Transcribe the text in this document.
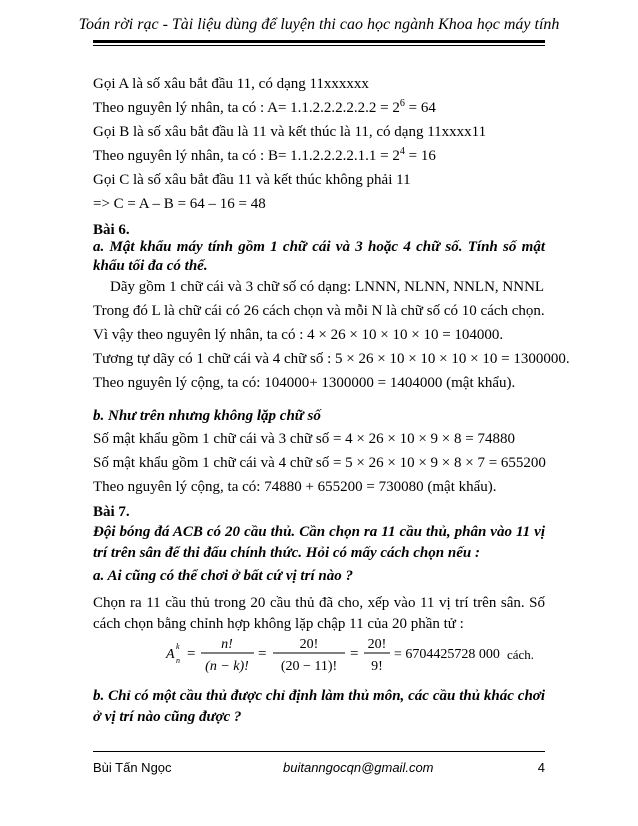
Toán rời rạc - Tài liệu dùng để luyện thi cao học ngành Khoa học máy tính
Gọi A là số xâu bắt đầu 11, có dạng 11xxxxxx
Theo nguyên lý nhân, ta có : $A= 1.1.2.2.2.2.2.2 = 2^6 = 64$
Gọi B là số xâu bắt đầu là 11 và kết thúc là 11, có dạng 11xxxx11
Theo nguyên lý nhân, ta có : $B= 1.1.2.2.2.2.1.1 = 2^4 = 16$
Gọi C là số xâu bắt đầu 11 và kết thúc không phải 11
=> C = A – B = 64 – 16 = 48
Bài 6.
a. Mật khẩu máy tính gồm 1 chữ cái và 3 hoặc 4 chữ số. Tính số mật khẩu tối đa có thể.
Dãy gồm 1 chữ cái và 3 chữ số có dạng: LNNN, NLNN, NNLN, NNNL
Trong đó L là chữ cái có 26 cách chọn và mỗi N là chữ số có 10 cách chọn.
Vì vậy theo nguyên lý nhân, ta có : 4 × 26 × 10 × 10 × 10 = 104000.
Tương tự dãy có 1 chữ cái và 4 chữ số : 5 × 26 × 10 × 10 × 10 × 10 = 1300000.
Theo nguyên lý cộng, ta có: 104000+ 1300000 = 1404000 (mật khẩu).
b. Như trên nhưng không lặp chữ số
Số mật khẩu gồm 1 chữ cái và 3 chữ số = 4 × 26 × 10 × 9 × 8 = 74880
Số mật khẩu gồm 1 chữ cái và 4 chữ số = 5 × 26 × 10 × 9 × 8 × 7 = 655200
Theo nguyên lý cộng, ta có: 74880 + 655200 = 730080 (mật khẩu).
Bài 7.
Đội bóng đá ACB có 20 cầu thủ. Cần chọn ra 11 cầu thủ, phân vào 11 vị trí trên sân để thi đấu chính thức. Hỏi có mấy cách chọn nếu :
a. Ai cũng có thể chơi ở bất cứ vị trí nào ?
Chọn ra 11 cầu thủ trong 20 cầu thủ đã cho, xếp vào 11 vị trí trên sân. Số cách chọn bằng chỉnh hợp không lặp chập 11 của 20 phần tử :
A
k
n =
n!
(n − k)!
=
20!
(20 − 11)!
=
20!
9!
= 6704425728 000 cách.
b. Chỉ có một cầu thủ được chỉ định làm thủ môn, các cầu thủ khác chơi ở vị trí nào cũng được ?
Bùi Tấn Ngọc	buitanngocqn@gmail.com	4
